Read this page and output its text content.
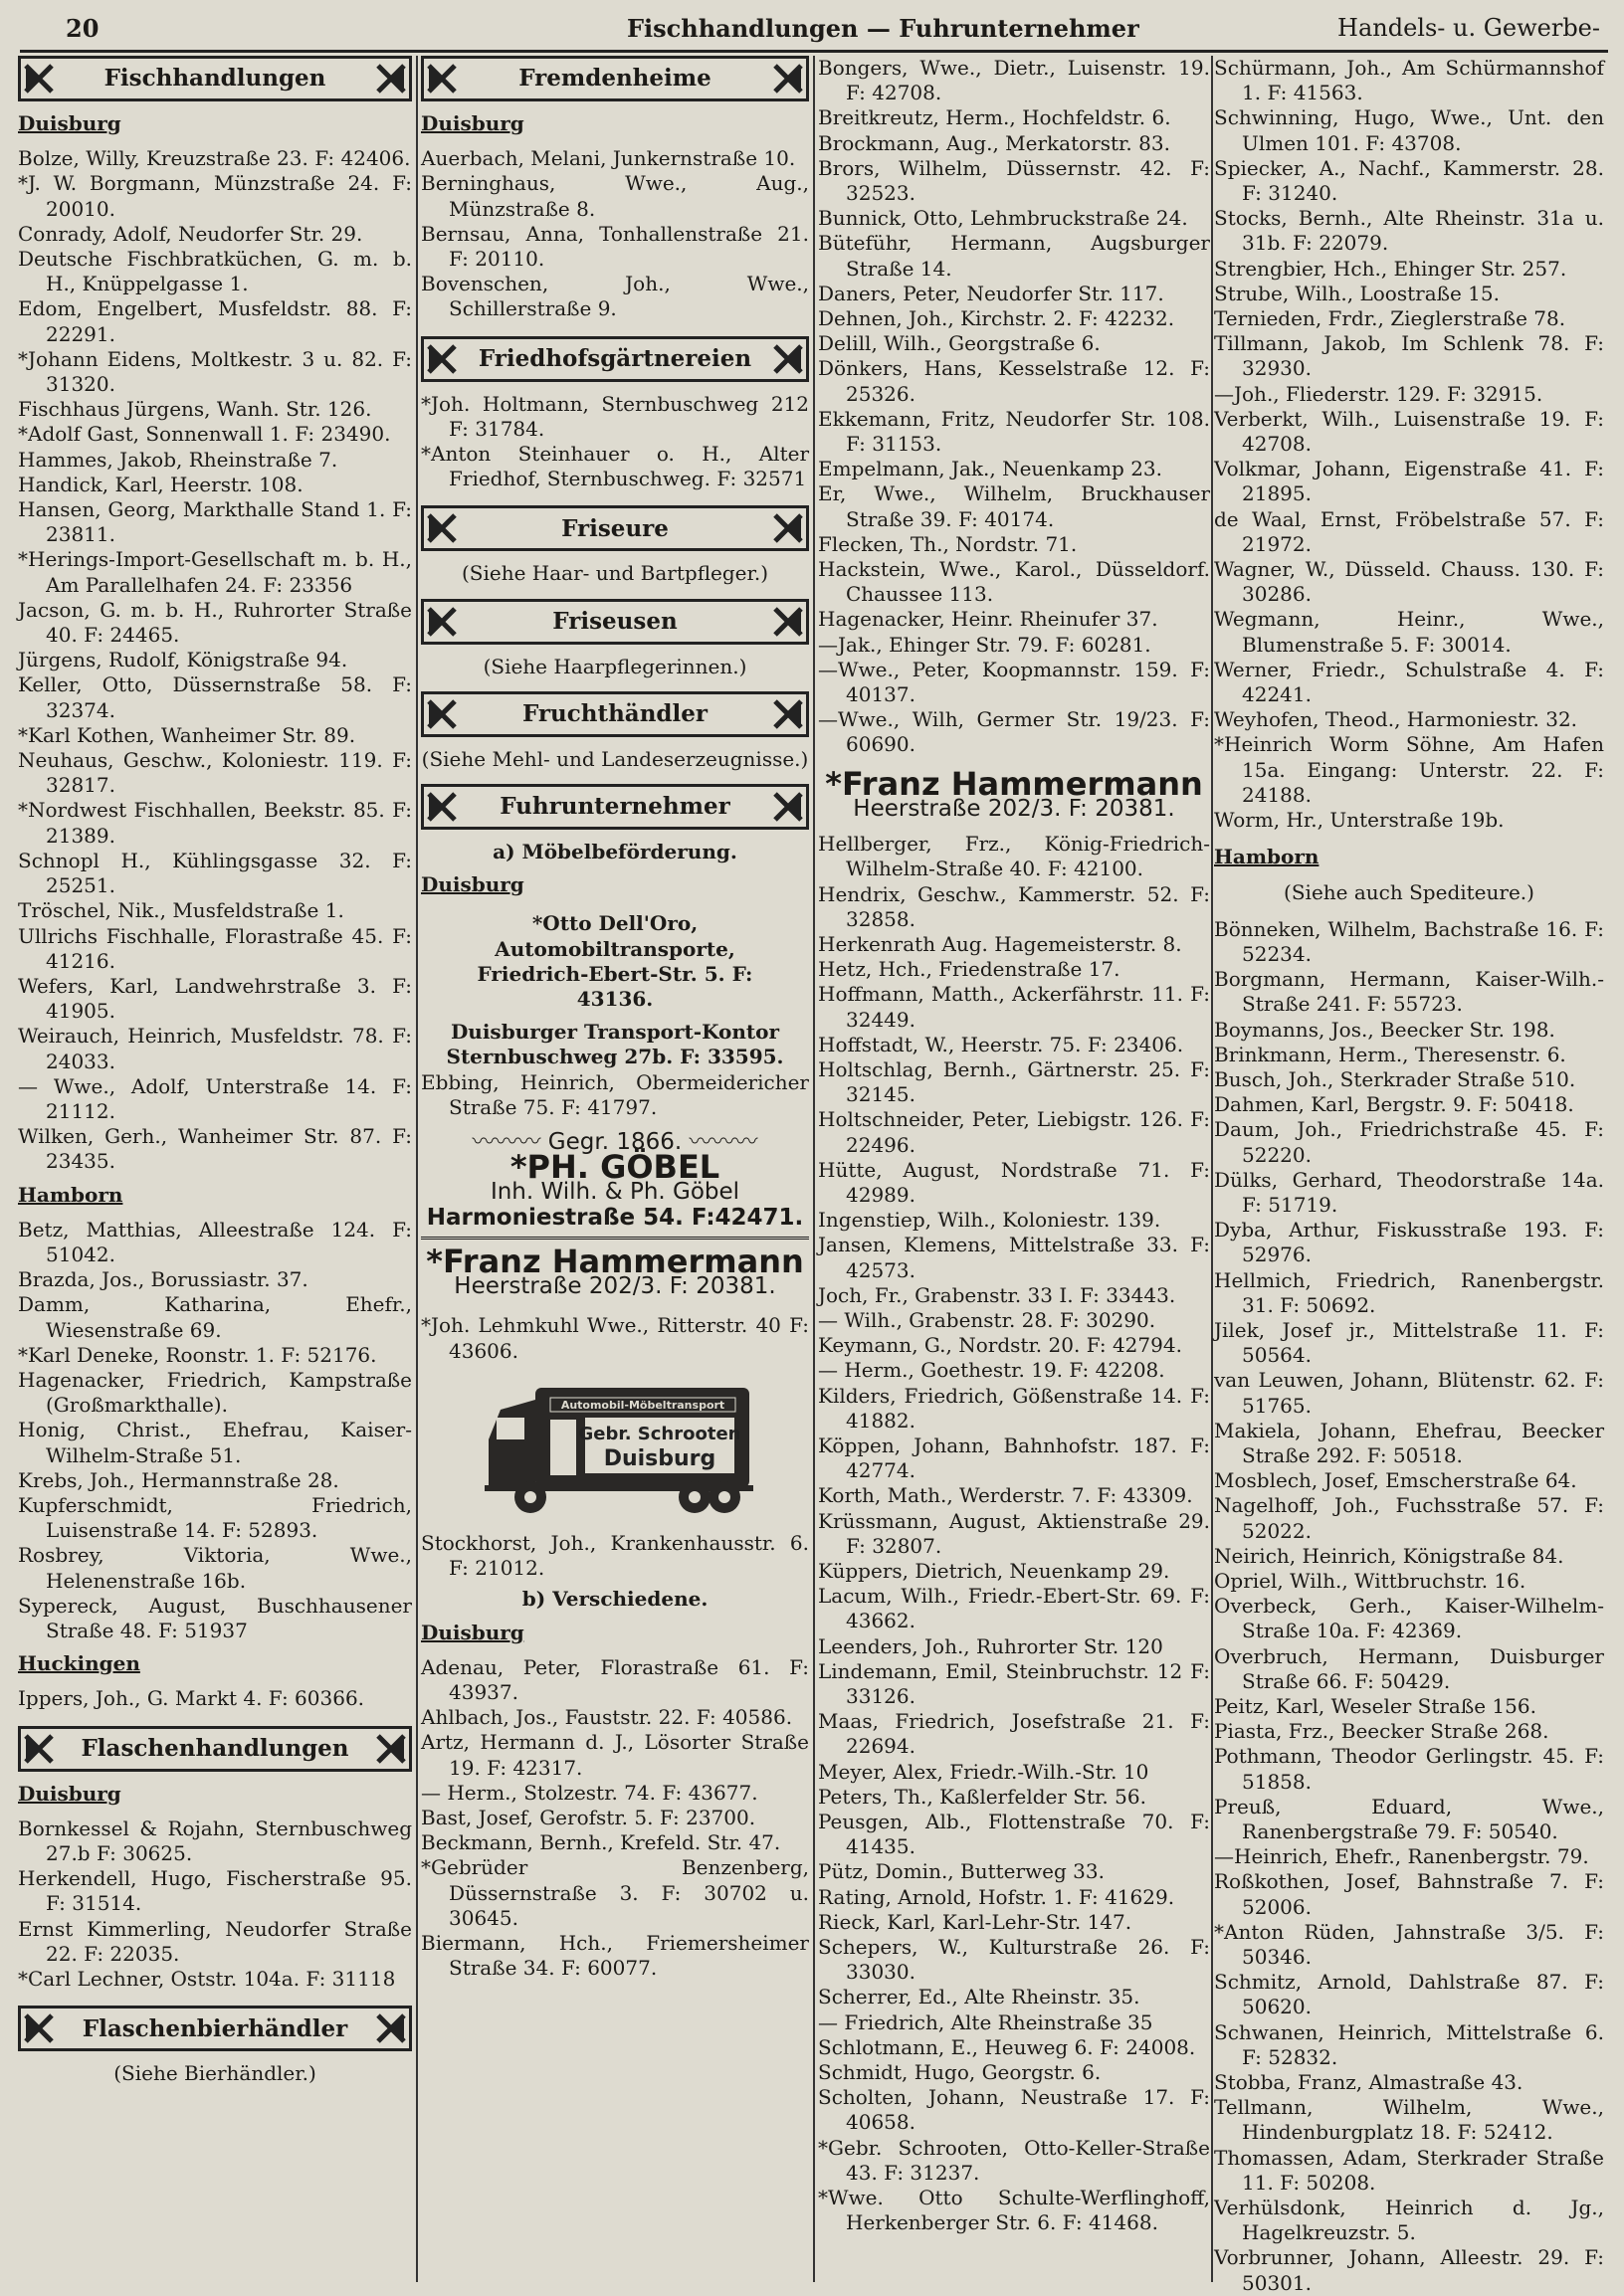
20	Fischhandlungen — Fuhrunternehmer	Handels- u. Gewerbe-
Fischhandlungen
Duisburg
Bolze, Willy, Kreuzstraße 23. F: 42406.
*J. W. Borgmann, Münzstraße 24. F: 20010.
Conrady, Adolf, Neudorfer Str. 29.
Deutsche Fischbratküchen, G. m. b. H., Knüppelgasse 1.
Edom, Engelbert, Musfeldstr. 88. F: 22291.
*Johann Eidens, Moltkestr. 3 u. 82. F: 31320.
Fischhaus Jürgens, Wanh. Str. 126.
*Adolf Gast, Sonnenwall 1. F: 23490.
Hammes, Jakob, Rheinstraße 7.
Handick, Karl, Heerstr. 108.
Hansen, Georg, Markthalle Stand 1. F: 23811.
*Herings-Import-Gesellschaft m. b. H., Am Parallelhafen 24. F: 23356
Jacson, G. m. b. H., Ruhrorter Straße 40. F: 24465.
Jürgens, Rudolf, Königstraße 94.
Keller, Otto, Düssernstraße 58. F: 32374.
*Karl Kothen, Wanheimer Str. 89.
Neuhaus, Geschw., Koloniestr. 119. F: 32817.
*Nordwest Fischhallen, Beekstr. 85. F: 21389.
Schnopl H., Kühlingsgasse 32. F: 25251.
Tröschel, Nik., Musfeldstraße 1.
Ullrichs Fischhalle, Florastraße 45. F: 41216.
Wefers, Karl, Landwehrstraße 3. F: 41905.
Weirauch, Heinrich, Musfeldstr. 78. F: 24033.
— Wwe., Adolf, Unterstraße 14. F: 21112.
Wilken, Gerh., Wanheimer Str. 87. F: 23435.
Hamborn
Betz, Matthias, Alleestraße 124. F: 51042.
Brazda, Jos., Borussiastr. 37.
Damm, Katharina, Ehefr., Wiesenstraße 69.
*Karl Deneke, Roonstr. 1. F: 52176.
Hagenacker, Friedrich, Kampstraße (Großmarkthalle).
Honig, Christ., Ehefrau, Kaiser-Wilhelm-Straße 51.
Krebs, Joh., Hermannstraße 28.
Kupferschmidt, Friedrich, Luisenstraße 14. F: 52893.
Rosbrey, Viktoria, Wwe., Helenenstraße 16b.
Sypereck, August, Buschhausener Straße 48. F: 51937
Huckingen
Ippers, Joh., G. Markt 4. F: 60366.
Flaschenhandlungen
Duisburg
Bornkessel & Rojahn, Sternbuschweg 27.b F: 30625.
Herkendell, Hugo, Fischerstraße 95. F: 31514.
Ernst Kimmerling, Neudorfer Straße 22. F: 22035.
*Carl Lechner, Oststr. 104a. F: 31118
Flaschenbierhändler
(Siehe Bierhändler.)
Fremdenheime
Duisburg
Auerbach, Melani, Junkernstraße 10.
Berninghaus, Wwe., Aug., Münzstraße 8.
Bernsau, Anna, Tonhallenstraße 21. F: 20110.
Bovenschen, Joh., Wwe., Schillerstraße 9.
Friedhofsgärtnereien
*Joh. Holtmann, Sternbuschweg 212 F: 31784.
*Anton Steinhauer o. H., Alter Friedhof, Sternbuschweg. F: 32571
Friseure
(Siehe Haar- und Bartpfleger.)
Friseusen
(Siehe Haarpflegerinnen.)
Fruchthändler
(Siehe Mehl- und Landeserzeugnisse.)
Fuhrunternehmer
a) Möbelbeförderung.
Duisburg
*Otto Dell'Oro, Automobiltransporte, Friedrich-Ebert-Str. 5. F: 43136.
Duisburger Transport-Kontor Sternbuschweg 27b. F: 33595.
Ebbing, Heinrich, Obermeidericher Straße 75. F: 41797.
〰〰〰 Gegr. 1866. 〰〰〰
*PH. GÖBEL
Inh. Wilh. & Ph. Göbel
Harmoniestraße 54. F:42471.
*Franz Hammermann
Heerstraße 202/3. F: 20381.
*Joh. Lehmkuhl Wwe., Ritterstr. 40 F: 43606.
Automobil-Möbeltransport
Gebr. Schrooten
Duisburg
Stockhorst, Joh., Krankenhausstr. 6. F: 21012.
b) Verschiedene.
Duisburg
Adenau, Peter, Florastraße 61. F: 43937.
Ahlbach, Jos., Fauststr. 22. F: 40586.
Artz, Hermann d. J., Lösorter Straße 19. F: 42317.
— Herm., Stolzestr. 74. F: 43677.
Bast, Josef, Gerofstr. 5. F: 23700.
Beckmann, Bernh., Krefeld. Str. 47.
*Gebrüder Benzenberg, Düssernstraße 3. F: 30702 u. 30645.
Biermann, Hch., Friemersheimer Straße 34. F: 60077.
Bongers, Wwe., Dietr., Luisenstr. 19. F: 42708.
Breitkreutz, Herm., Hochfeldstr. 6.
Brockmann, Aug., Merkatorstr. 83.
Brors, Wilhelm, Düssernstr. 42. F: 32523.
Bunnick, Otto, Lehmbruckstraße 24.
Büteführ, Hermann, Augsburger Straße 14.
Daners, Peter, Neudorfer Str. 117.
Dehnen, Joh., Kirchstr. 2. F: 42232.
Delill, Wilh., Georgstraße 6.
Dönkers, Hans, Kesselstraße 12. F: 25326.
Ekkemann, Fritz, Neudorfer Str. 108. F: 31153.
Empelmann, Jak., Neuenkamp 23.
Er, Wwe., Wilhelm, Bruckhauser Straße 39. F: 40174.
Flecken, Th., Nordstr. 71.
Hackstein, Wwe., Karol., Düsseldorf. Chaussee 113.
Hagenacker, Heinr. Rheinufer 37.
—Jak., Ehinger Str. 79. F: 60281.
—Wwe., Peter, Koopmannstr. 159. F: 40137.
—Wwe., Wilh, Germer Str. 19/23. F: 60690.
*Franz Hammermann
Heerstraße 202/3. F: 20381.
Hellberger, Frz., König-Friedrich-Wilhelm-Straße 40. F: 42100.
Hendrix, Geschw., Kammerstr. 52. F: 32858.
Herkenrath Aug. Hagemeisterstr. 8.
Hetz, Hch., Friedenstraße 17.
Hoffmann, Matth., Ackerfährstr. 11. F: 32449.
Hoffstadt, W., Heerstr. 75. F: 23406.
Holtschlag, Bernh., Gärtnerstr. 25. F: 32145.
Holtschneider, Peter, Liebigstr. 126. F: 22496.
Hütte, August, Nordstraße 71. F: 42989.
Ingenstiep, Wilh., Koloniestr. 139.
Jansen, Klemens, Mittelstraße 33. F: 42573.
Joch, Fr., Grabenstr. 33 I. F: 33443.
— Wilh., Grabenstr. 28. F: 30290.
Keymann, G., Nordstr. 20. F: 42794.
— Herm., Goethestr. 19. F: 42208.
Kilders, Friedrich, Gößenstraße 14. F: 41882.
Köppen, Johann, Bahnhofstr. 187. F: 42774.
Korth, Math., Werderstr. 7. F: 43309.
Krüssmann, August, Aktienstraße 29. F: 32807.
Küppers, Dietrich, Neuenkamp 29.
Lacum, Wilh., Friedr.-Ebert-Str. 69. F: 43662.
Leenders, Joh., Ruhrorter Str. 120
Lindemann, Emil, Steinbruchstr. 12 F: 33126.
Maas, Friedrich, Josefstraße 21. F: 22694.
Meyer, Alex, Friedr.-Wilh.-Str. 10
Peters, Th., Kaßlerfelder Str. 56.
Peusgen, Alb., Flottenstraße 70. F: 41435.
Pütz, Domin., Butterweg 33.
Rating, Arnold, Hofstr. 1. F: 41629.
Rieck, Karl, Karl-Lehr-Str. 147.
Schepers, W., Kulturstraße 26. F: 33030.
Scherrer, Ed., Alte Rheinstr. 35.
— Friedrich, Alte Rheinstraße 35
Schlotmann, E., Heuweg 6. F: 24008.
Schmidt, Hugo, Georgstr. 6.
Scholten, Johann, Neustraße 17. F: 40658.
*Gebr. Schrooten, Otto-Keller-Straße 43. F: 31237.
*Wwe. Otto Schulte-Werflinghoff, Herkenberger Str. 6. F: 41468.
Schürmann, Joh., Am Schürmannshof 1. F: 41563.
Schwinning, Hugo, Wwe., Unt. den Ulmen 101. F: 43708.
Spiecker, A., Nachf., Kammerstr. 28. F: 31240.
Stocks, Bernh., Alte Rheinstr. 31a u. 31b. F: 22079.
Strengbier, Hch., Ehinger Str. 257.
Strube, Wilh., Loostraße 15.
Ternieden, Frdr., Zieglerstraße 78.
Tillmann, Jakob, Im Schlenk 78. F: 32930.
—Joh., Fliederstr. 129. F: 32915.
Verberkt, Wilh., Luisenstraße 19. F: 42708.
Volkmar, Johann, Eigenstraße 41. F: 21895.
de Waal, Ernst, Fröbelstraße 57. F: 21972.
Wagner, W., Düsseld. Chauss. 130. F: 30286.
Wegmann, Heinr., Wwe., Blumenstraße 5. F: 30014.
Werner, Friedr., Schulstraße 4. F: 42241.
Weyhofen, Theod., Harmoniestr. 32.
*Heinrich Worm Söhne, Am Hafen 15a. Eingang: Unterstr. 22. F: 24188.
Worm, Hr., Unterstraße 19b.
Hamborn
(Siehe auch Spediteure.)
Bönneken, Wilhelm, Bachstraße 16. F: 52234.
Borgmann, Hermann, Kaiser-Wilh.-Straße 241. F: 55723.
Boymanns, Jos., Beecker Str. 198.
Brinkmann, Herm., Theresenstr. 6.
Busch, Joh., Sterkrader Straße 510.
Dahmen, Karl, Bergstr. 9. F: 50418.
Daum, Joh., Friedrichstraße 45. F: 52220.
Dülks, Gerhard, Theodorstraße 14a. F: 51719.
Dyba, Arthur, Fiskusstraße 193. F: 52976.
Hellmich, Friedrich, Ranenbergstr. 31. F: 50692.
Jilek, Josef jr., Mittelstraße 11. F: 50564.
van Leuwen, Johann, Blütenstr. 62. F: 51765.
Makiela, Johann, Ehefrau, Beecker Straße 292. F: 50518.
Mosblech, Josef, Emscherstraße 64.
Nagelhoff, Joh., Fuchsstraße 57. F: 52022.
Neirich, Heinrich, Königstraße 84.
Opriel, Wilh., Wittbruchstr. 16.
Overbeck, Gerh., Kaiser-Wilhelm-Straße 10a. F: 42369.
Overbruch, Hermann, Duisburger Straße 66. F: 50429.
Peitz, Karl, Weseler Straße 156.
Piasta, Frz., Beecker Straße 268.
Pothmann, Theodor Gerlingstr. 45. F: 51858.
Preuß, Eduard, Wwe., Ranenbergstraße 79. F: 50540.
—Heinrich, Ehefr., Ranenbergstr. 79.
Roßkothen, Josef, Bahnstraße 7. F: 52006.
*Anton Rüden, Jahnstraße 3/5. F: 50346.
Schmitz, Arnold, Dahlstraße 87. F: 50620.
Schwanen, Heinrich, Mittelstraße 6. F: 52832.
Stobba, Franz, Almastraße 43.
Tellmann, Wilhelm, Wwe., Hindenburgplatz 18. F: 52412.
Thomassen, Adam, Sterkrader Straße 11. F: 50208.
Verhülsdonk, Heinrich d. Jg., Hagelkreuzstr. 5.
Vorbrunner, Johann, Alleestr. 29. F: 50301.
